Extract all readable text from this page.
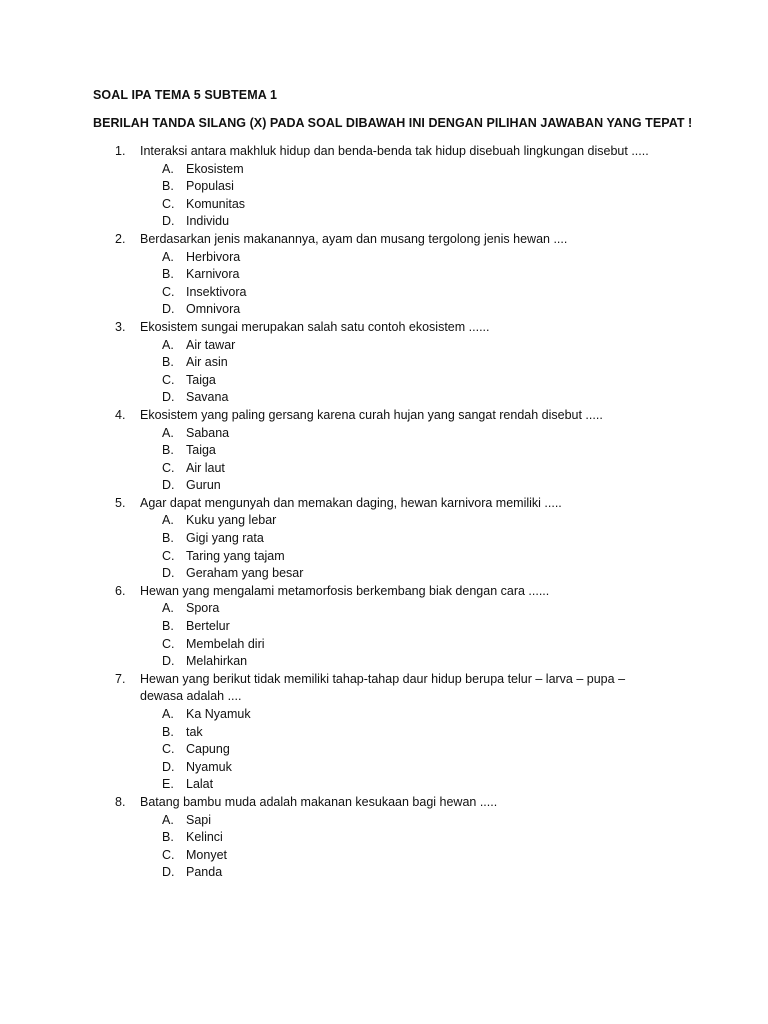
SOAL IPA TEMA 5 SUBTEMA 1
BERILAH TANDA SILANG (X) PADA SOAL DIBAWAH INI DENGAN PILIHAN JAWABAN YANG TEPAT !
1. Interaksi antara makhluk hidup dan benda-benda tak hidup disebuah lingkungan disebut .....
A. Ekosistem
B. Populasi
C. Komunitas
D. Individu
2. Berdasarkan jenis makanannya, ayam dan musang tergolong jenis hewan ....
A. Herbivora
B. Karnivora
C. Insektivora
D. Omnivora
3. Ekosistem sungai merupakan salah satu contoh ekosistem ......
A. Air tawar
B. Air asin
C. Taiga
D. Savana
4. Ekosistem yang paling gersang karena curah hujan yang sangat rendah disebut .....
A. Sabana
B. Taiga
C. Air laut
D. Gurun
5. Agar dapat mengunyah dan memakan daging, hewan karnivora memiliki .....
A. Kuku yang lebar
B. Gigi yang rata
C. Taring yang tajam
D. Geraham yang besar
6. Hewan yang mengalami metamorfosis berkembang biak dengan cara ......
A. Spora
B. Bertelur
C. Membelah diri
D. Melahirkan
7. Hewan yang berikut tidak memiliki tahap-tahap daur hidup berupa telur – larva – pupa –
dewasa adalah ....
A. Ka Nyamuk
B. tak
C. Capung
D. Nyamuk
E. Lalat
8. Batang bambu muda adalah makanan kesukaan bagi hewan .....
A. Sapi
B. Kelinci
C. Monyet
D. Panda
